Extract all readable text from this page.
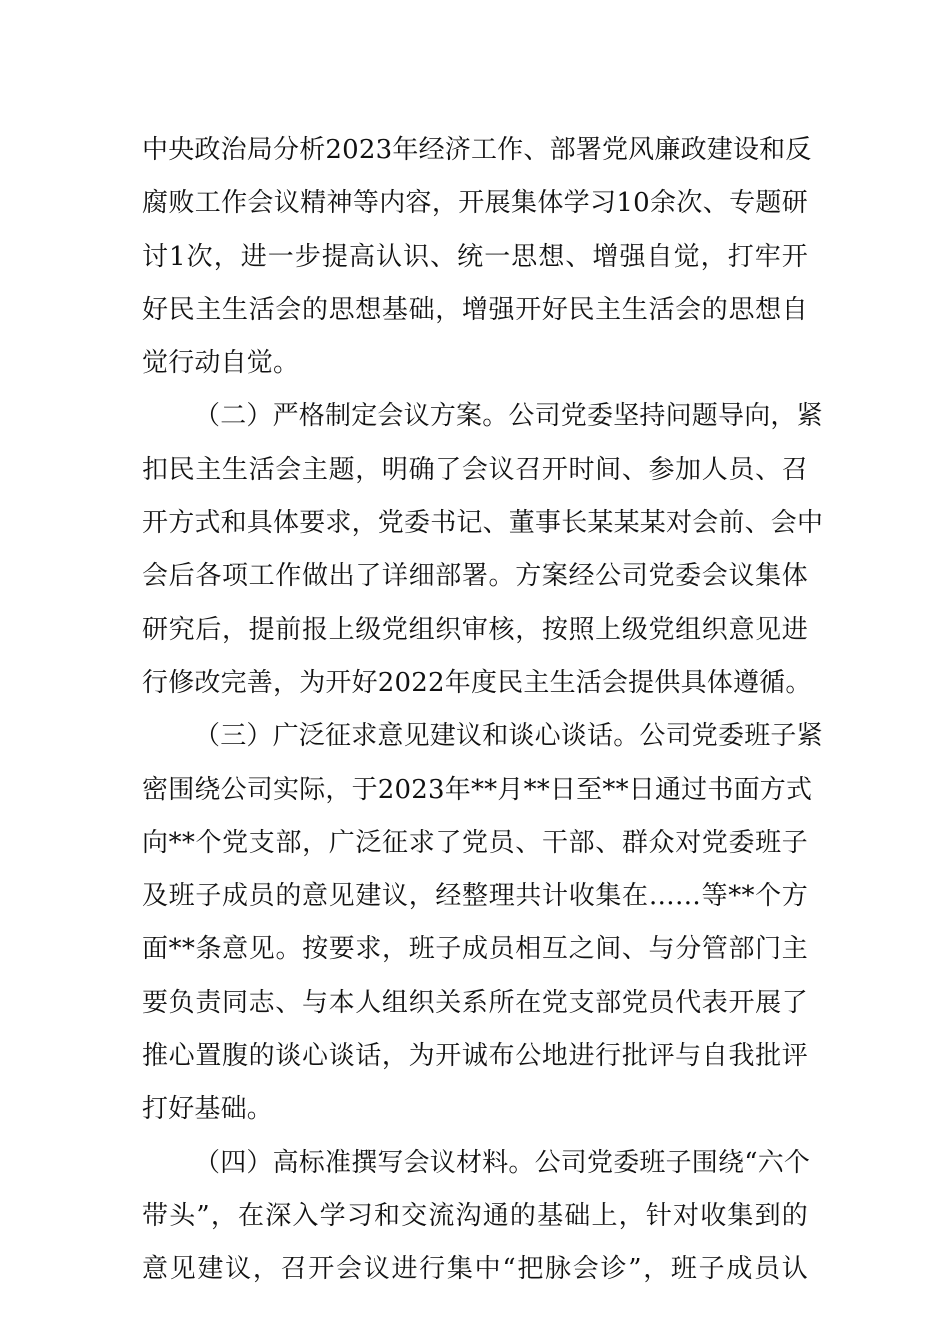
中央政治局分析2023年经济工作、部署党风廉政建设和反
腐败工作会议精神等内容，开展集体学习10余次、专题研
讨1次，进一步提高认识、统一思想、增强自觉，打牢开
好民主生活会的思想基础，增强开好民主生活会的思想自
觉行动自觉。
（二）严格制定会议方案。公司党委坚持问题导向，紧
扣民主生活会主题，明确了会议召开时间、参加人员、召
开方式和具体要求，党委书记、董事长某某某对会前、会中
会后各项工作做出了详细部署。方案经公司党委会议集体
研究后，提前报上级党组织审核，按照上级党组织意见进
行修改完善，为开好2022年度民主生活会提供具体遵循。
（三）广泛征求意见建议和谈心谈话。公司党委班子紧
密围绕公司实际，于2023年**月**日至**日通过书面方式
向**个党支部，广泛征求了党员、干部、群众对党委班子
及班子成员的意见建议，经整理共计收集在……等**个方
面**条意见。按要求，班子成员相互之间、与分管部门主
要负责同志、与本人组织关系所在党支部党员代表开展了
推心置腹的谈心谈话，为开诚布公地进行批评与自我批评
打好基础。
（四）高标准撰写会议材料。公司党委班子围绕“六个
带头”，在深入学习和交流沟通的基础上，针对收集到的
意见建议，召开会议进行集中“把脉会诊”，班子成员认
